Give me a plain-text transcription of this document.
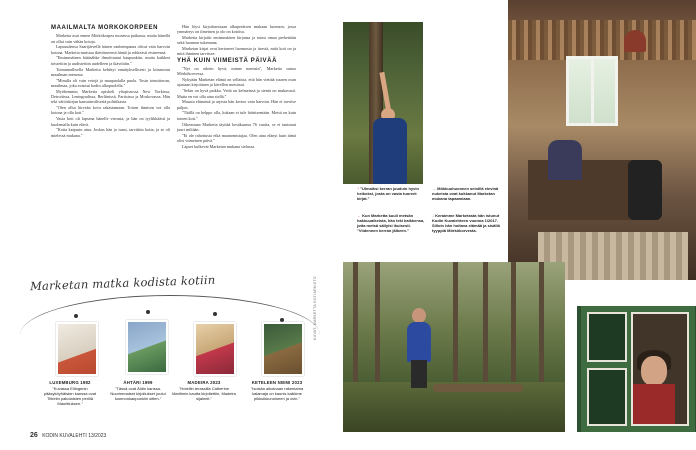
MAAILMALTA MÖRKÖKORPEEN

Marketta asui ennen Mörkökorpea monessa paikassa, mutta hänellä on ollut vain vähän kotoja.

Lapsuudensa Saarijärvellä hänen vanhempansa olivat vain harvoin kotona. Marketta muistaa ikävöineensä häntä ja rohkeasti etsineensä.

"Ensimmäinen hätäsähke ilmoittautui kaupunkiin, mutta kaikkea toistettiin ja uudistettiin uudelleen ja ikävöitiin."

Toiminnallisella Marketta kehittyi ennätyksellisesti ja kiinnostui maailman menosta.

"Minulla oli vain vetojä ja maapuolalla puola. Tosin toimittavan, maailmaa, joka avautui kodin ulkopuolella."

Myöhemmin Marketta opiskeli yliopistossa New Yorkissa, Detroitissa, Leningradissa, Berliinissä, Pariisissa ja Moskovassa. Hän teki väitöskirjan kansainvälisestä politiikasta.

"Olen ollut hirveän kova rakastamaan. Toisen ihmisen voi olla kotona ja olla koti."

Vasta koti oli lapsena hänelle vierasta, ja hän on tyylikkäästi ja kuolemalla kuin elävä.

"Kotia kaipasin aina. Joskus hän jo tunsi, tarvittiin kotia, ja se oli mielessä mukana."

Hän löysi kirjoittaessaan alkuperäisen mukaan luonnon, jossa ymmärrys on ilmeinen ja olo on kotoisa.

Marketta kirjoitti ensimmäisen kirjansa ja toimi omaa perhettään sekä luonnon tukemana.

Marketan kirjat ovat kertoneet luonnosta ja itsestä, mitä koti on ja mitä ihminen tarvitsee.

YHÄ KUIN VIIMEISTÄ PÄIVÄÄ

"Nyt on oikein hyvä, minne menisin", Marketta sanoo Mörkökorvessa.

Nykyään Marketan elämä on sellaista, että hän viettää suuren osan ajastaan kirjoittaen ja kävellen metsässä.

"Sekin on hyvä paikka. Vettä on kelmeinsä ja sieniä on mukavasti. Mutta en voi olla aina siellä."

Muusta elämästä ja arjesta hän kertoo vain harvoin. Hän ei tarvitse paljon.

"Täällä on helppo olla, kukaan ei tule häiritsemään. Metsä on kuin toinen koti."

Oikeastaan Marketta täyttää kesäkuussa 76 vuotta, se ei tuntunut juuri miltään.

"Ei ole rahoitusta eikä maanomistajaa. Olen aina elänyt kuin tämä olisi viimeinen päivä."

Lapset kulkevat Marketan mukana sielussa.

↑ "Ulmaiksi kerran jouduin hyvin heikoksi, josta on vasta tuoreet kirjat."
← Kun Marketta kuuli metsän hakkuuaikeista, hän teki kaikkensa, jotta metsä säilyisi ikuisesti. "Viidennen kerran jälkeen."
→ Mökkuuhuoneen seinillä elevinä nukeista ovat kukkanut Marketan mukana tapaamiaan.
↓ Keraimme Marketasta hän istunut Kodin Kuvalehteen vuonna 1/2017. Silloin hän hoitava elämää ja sisällä tyyppiä Mörkökorvesta.
Marketan matka kodista kotiin
LUXEMBURG 1982
"Kuvassa Ellingenin pääsyköyhäisten kanssa ovat Tiibetin pakolaisten perillä Mauritiuksen."
ÄHTÄRI 1999
"Tässä ovat Äidin kanssa. Nuorimmaiset kirjoitukset joutui luonnonkaupunkiin sitten."
MADEIRA 2023
"Hotellin terassilla Catherine Maritimin kautta kirjoitettiin, Madeira sijainnit."
KETELEEN NIEMI 2023
"Isoisän aikoinaan rakentama kalamaja on kaunis kaikkine pikkuikkunoineen ja ovin."
KUVAT: MARKETTA KOTIARKISTO
26 KODIN KUVALEHTI 13/2023
